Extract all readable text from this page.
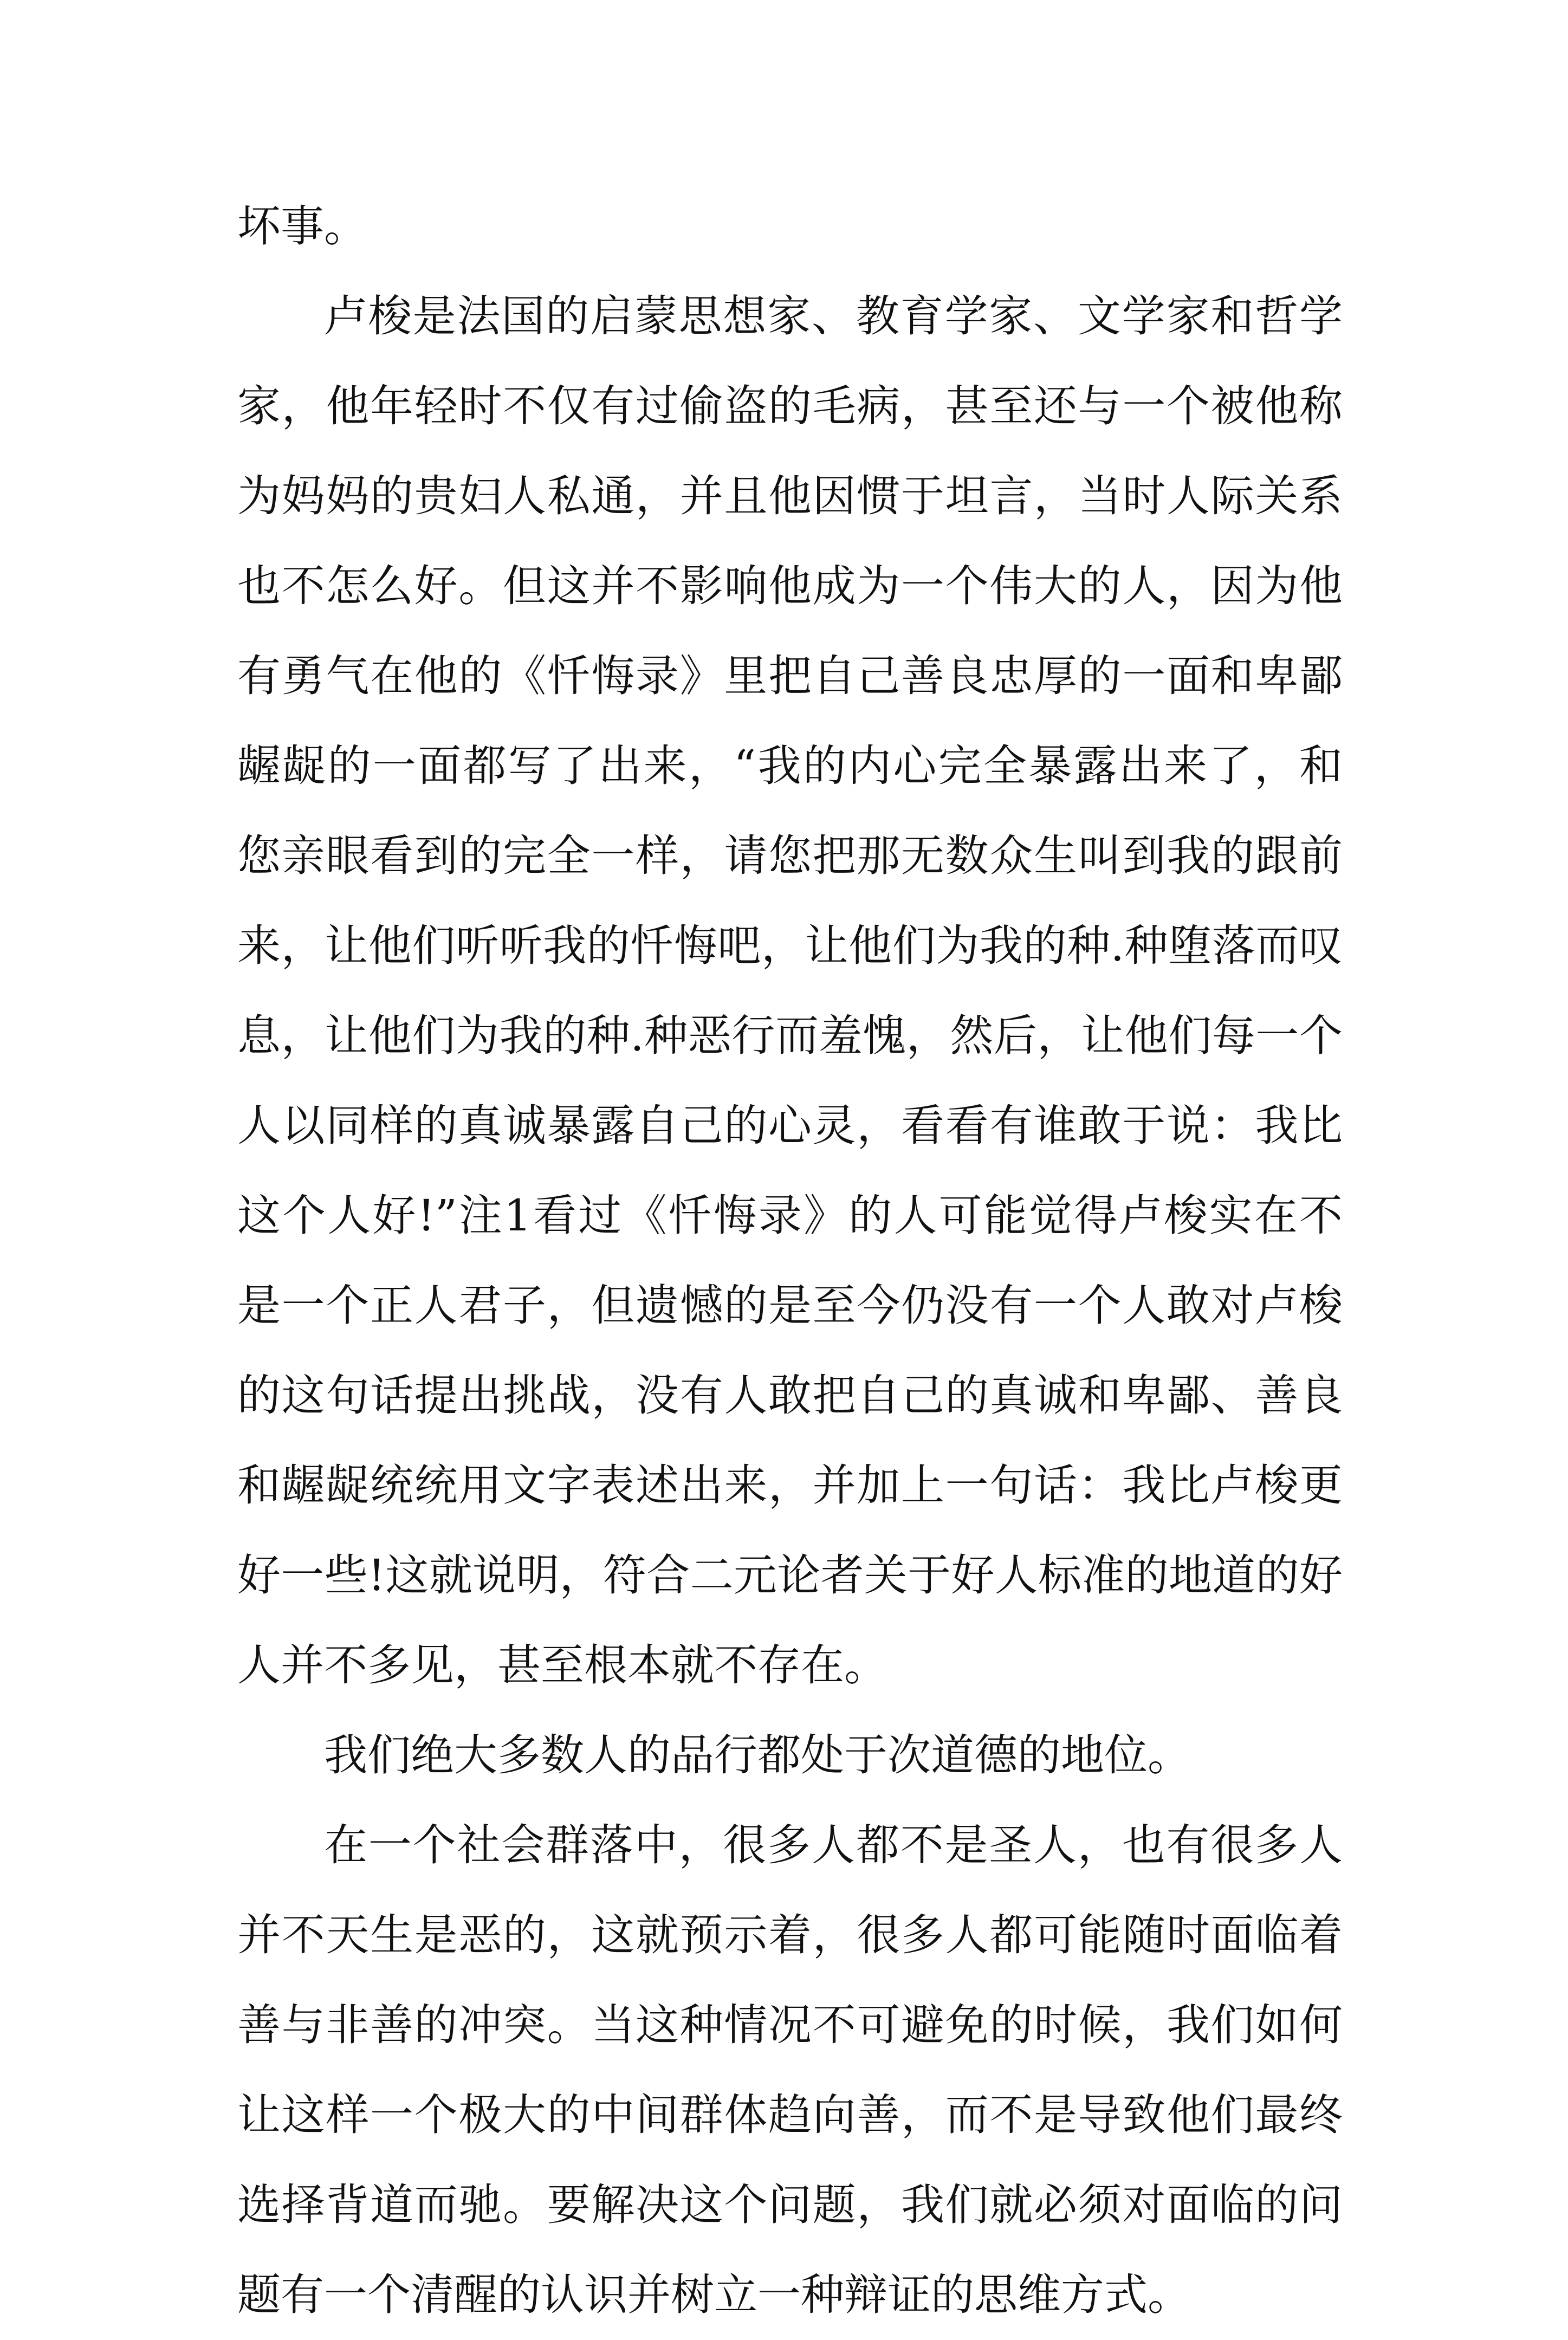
坏事。

卢梭是法国的启蒙思想家、教育学家、文学家和哲学家，他年轻时不仅有过偷盗的毛病，甚至还与一个被他称为妈妈的贵妇人私通，并且他因惯于坦言，当时人际关系也不怎么好。但这并不影响他成为一个伟大的人，因为他有勇气在他的《忏悔录》里把自己善良忠厚的一面和卑鄙龌龊的一面都写了出来，“我的内心完全暴露出来了，和您亲眼看到的完全一样，请您把那无数众生叫到我的跟前来，让他们听听我的忏悔吧，让他们为我的种.种堕落而叹息，让他们为我的种.种恶行而羞愧，然后，让他们每一个人以同样的真诚暴露自己的心灵，看看有谁敢于说：我比这个人好!”注1看过《忏悔录》的人可能觉得卢梭实在不是一个正人君子，但遗憾的是至今仍没有一个人敢对卢梭的这句话提出挑战，没有人敢把自己的真诚和卑鄙、善良和龌龊统统用文字表述出来，并加上一句话：我比卢梭更好一些!这就说明，符合二元论者关于好人标准的地道的好人并不多见，甚至根本就不存在。

我们绝大多数人的品行都处于次道德的地位。

在一个社会群落中，很多人都不是圣人，也有很多人并不天生是恶的，这就预示着，很多人都可能随时面临着善与非善的冲突。当这种情况不可避免的时候，我们如何让这样一个极大的中间群体趋向善，而不是导致他们最终选择背道而驰。要解决这个问题，我们就必须对面临的问题有一个清醒的认识并树立一种辩证的思维方式。
